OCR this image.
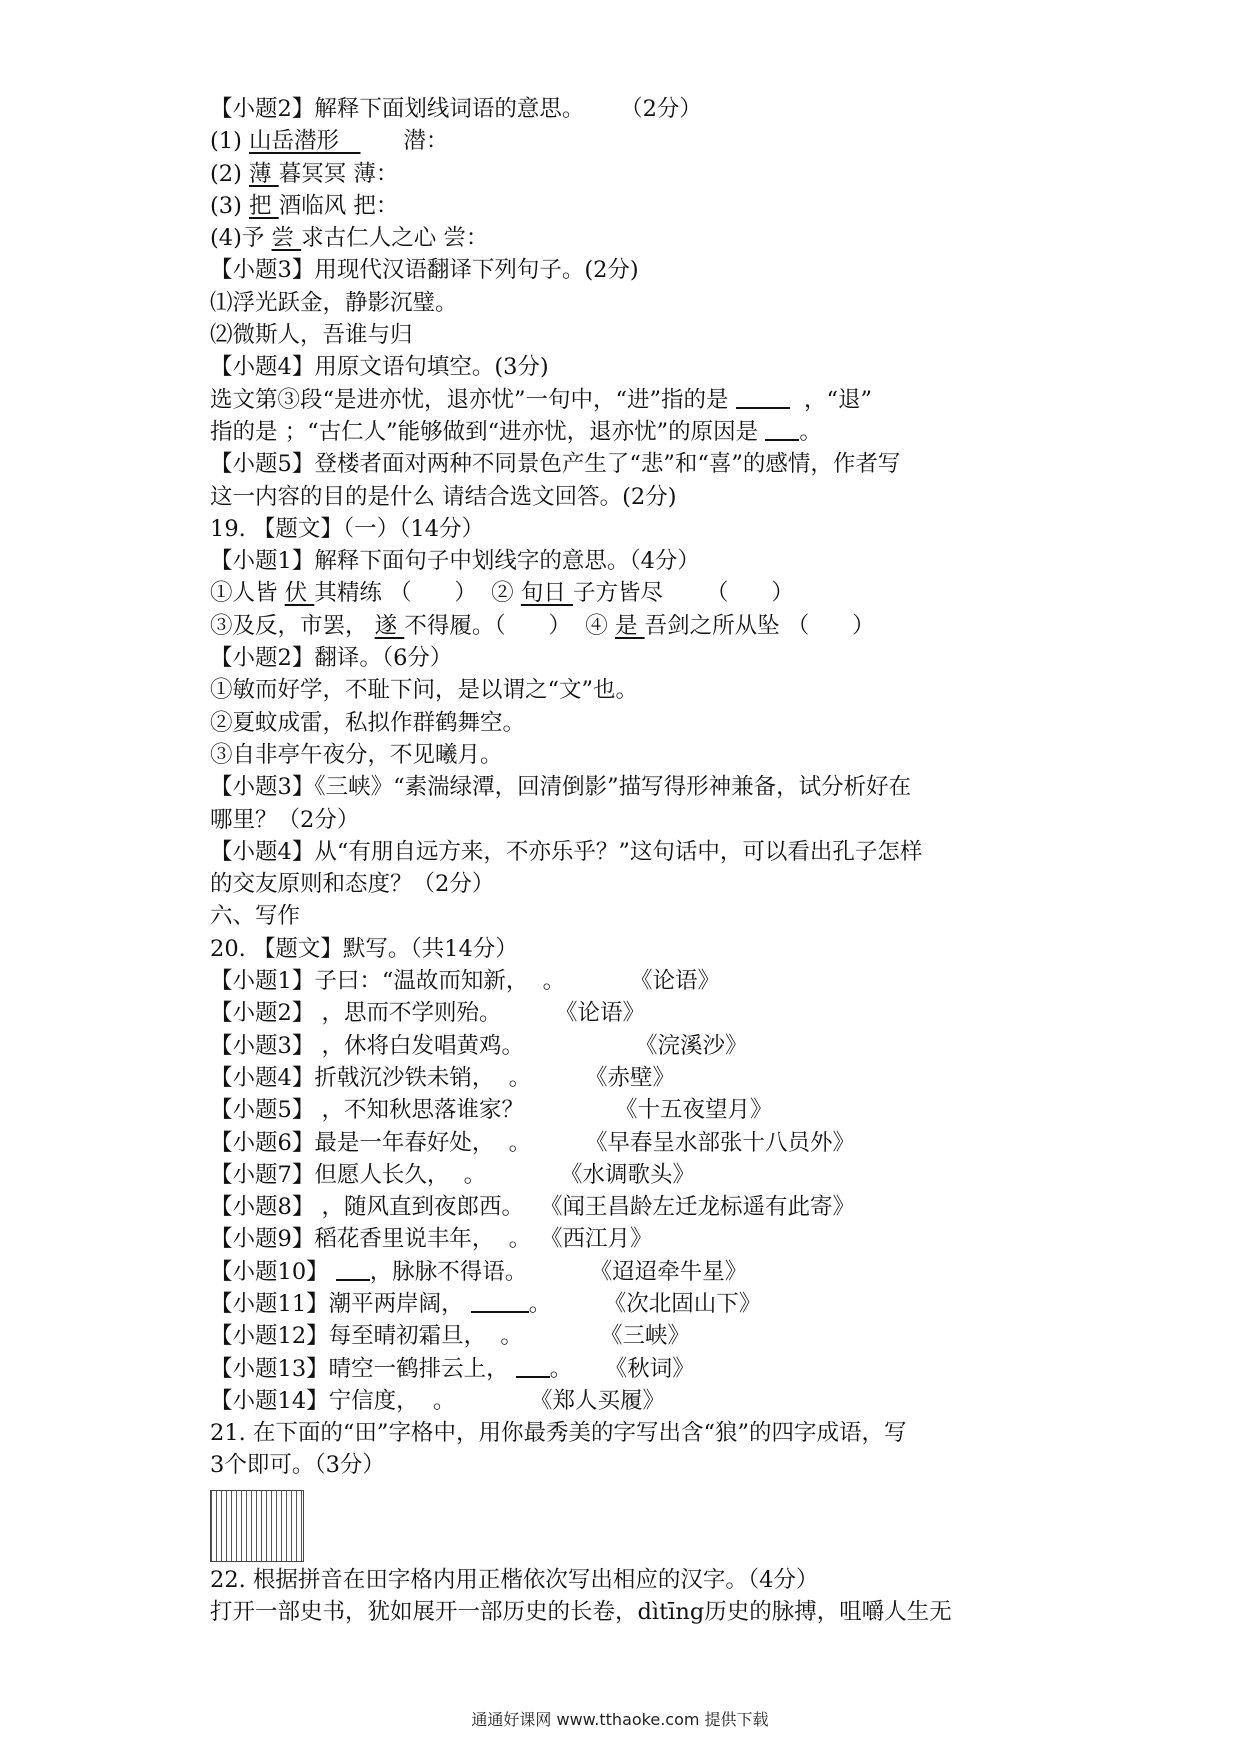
【小题2】解释下面划线词语的意思。     （2分）
(1) 山岳潜形         潜：
(2) 薄 暮冥冥 薄：
(3) 把 酒临风 把：
(4)予 尝 求古仁人之心 尝：
【小题3】用现代汉语翻译下列句子。(2分)
⑴浮光跃金，静影沉璧。
⑵微斯人，吾谁与归
【小题4】用原文语句填空。(3分)
选文第③段“是进亦忧，退亦忧”一句中，“进”指的是   ，“退”
指的是 ；“古仁人”能够做到“进亦忧，退亦忧”的原因是 。
【小题5】登楼者面对两种不同景色产生了“悲”和“喜”的感情，作者写
这一内容的目的是什么 请结合选文回答。(2分)
19. 【题文】（一）（14分）
【小题1】解释下面句子中划线字的意思。（4分）
①人皆 伏 其精练 （      ）  ② 旬日 子方皆尽      （      ）
③及反，市罢， 遂 不得履。（      ）  ④ 是 吾剑之所从坠 （      ）
【小题2】翻译。（6分）
①敏而好学，不耻下问，是以谓之“文”也。
②夏蚊成雷，私拟作群鹤舞空。
③自非亭午夜分，不见曦月。
【小题3】《三峡》“素湍绿潭，回清倒影”描写得形神兼备，试分析好在
哪里？（2分）
【小题4】从“有朋自远方来，不亦乐乎？”这句话中，可以看出孔子怎样
的交友原则和态度？（2分）
六、写作
20. 【题文】默写。（共14分）
【小题1】子曰：“温故而知新，  。	《论语》
【小题2】 ，思而不学则殆。 《论语》
【小题3】 ，休将白发唱黄鸡。	《浣溪沙》
【小题4】折戟沉沙铁未销，  。 《赤壁》
【小题5】 ，不知秋思落谁家？	《十五夜望月》
【小题6】最是一年春好处，  。 《早春呈水部张十八员外》
【小题7】但愿人长久，  。	《水调歌头》
【小题8】 ，随风直到夜郎西。 《闻王昌龄左迁龙标遥有此寄》
【小题9】稻花香里说丰年，  。 《西江月》
【小题10】 ，脉脉不得语。	《迢迢牵牛星》
【小题11】潮平两岸阔，	。 《次北固山下》
【小题12】每至晴初霜旦，  。	《三峡》
【小题13】晴空一鹤排云上， 。 《秋词》
【小题14】宁信度，  。	《郑人买履》
21. 在下面的“田”字格中，用你最秀美的字写出含“狼”的四字成语，写
3个即可。（3分）
22. 根据拼音在田字格内用正楷依次写出相应的汉字。（4分）
打开一部史书，犹如展开一部历史的长卷，dìtīng历史的脉搏，咀嚼人生无
通通好课网 www.tthaoke.com 提供下载
